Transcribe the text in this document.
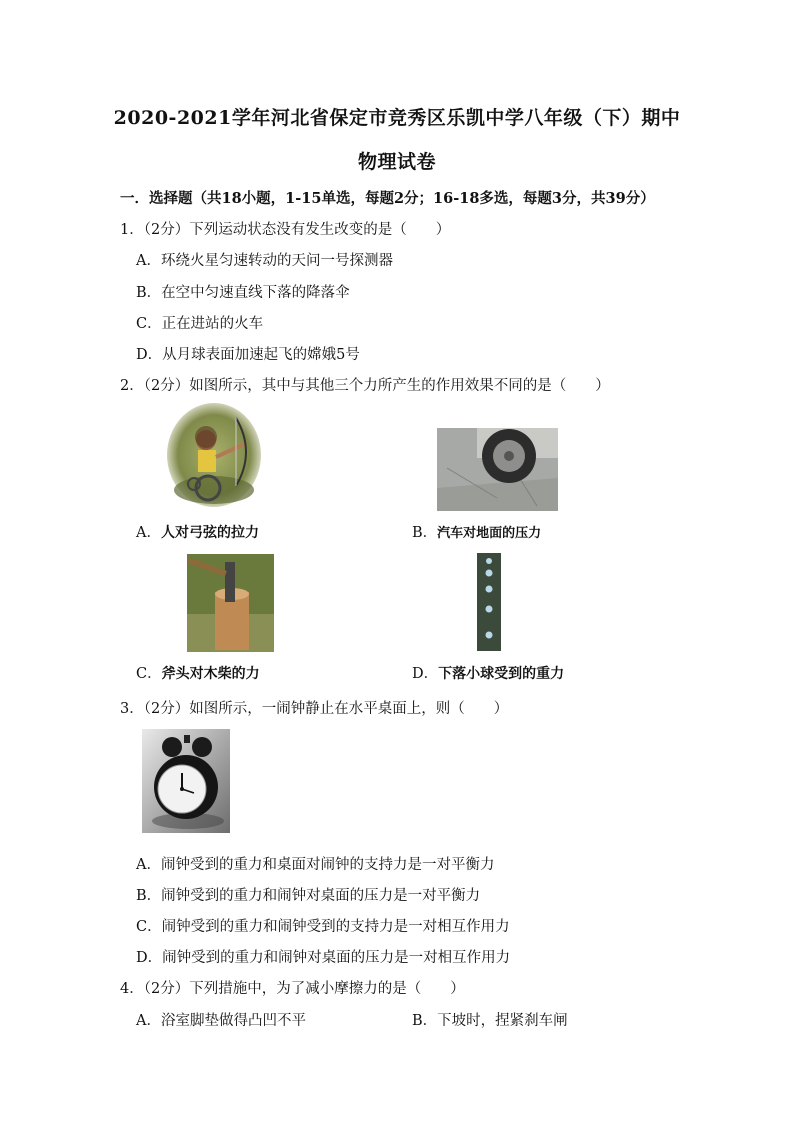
2020-2021学年河北省保定市竞秀区乐凯中学八年级（下）期中
物理试卷
一．选择题（共18小题，1-15单选，每题2分；16-18多选，每题3分，共39分）
1．（2分）下列运动状态没有发生改变的是（　　）
A．环绕火星匀速转动的天问一号探测器
B．在空中匀速直线下落的降落伞
C．正在进站的火车
D．从月球表面加速起飞的嫦娥5号
2．（2分）如图所示，其中与其他三个力所产生的作用效果不同的是（　　）
A．人对弓弦的拉力	B．汽车对地面的压力
C．斧头对木柴的力	D．下落小球受到的重力
3．（2分）如图所示，一闹钟静止在水平桌面上，则（　　）
A．闹钟受到的重力和桌面对闹钟的支持力是一对平衡力
B．闹钟受到的重力和闹钟对桌面的压力是一对平衡力
C．闹钟受到的重力和闹钟受到的支持力是一对相互作用力
D．闹钟受到的重力和闹钟对桌面的压力是一对相互作用力
4．（2分）下列措施中，为了减小摩擦力的是（　　）
A．浴室脚垫做得凸凹不平	B．下坡时，捏紧刹车闸
